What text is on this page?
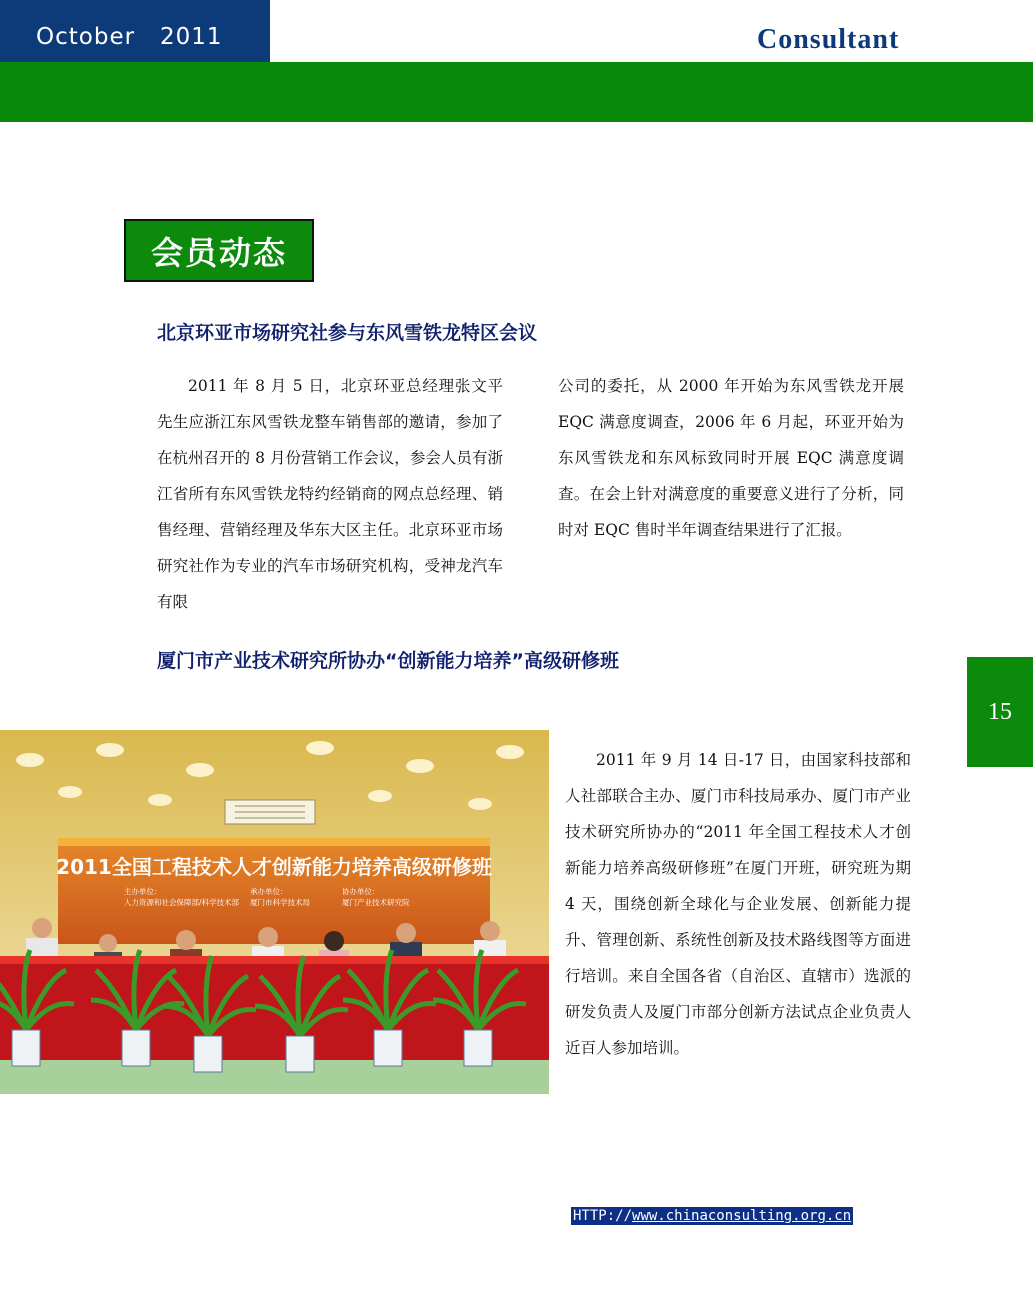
October   2011	Consultant
会员动态
北京环亚市场研究社参与东风雪铁龙特区会议

2011 年 8 月 5 日，北京环亚总经理张文平先生应浙江东风雪铁龙整车销售部的邀请，参加了在杭州召开的 8 月份营销工作会议，参会人员有浙江省所有东风雪铁龙特约经销商的网点总经理、销售经理、营销经理及华东大区主任。北京环亚市场研究社作为专业的汽车市场研究机构，受神龙汽车有限

公司的委托，从 2000 年开始为东风雪铁龙开展 EQC 满意度调查，2006 年 6 月起，环亚开始为东风雪铁龙和东风标致同时开展 EQC 满意度调查。在会上针对满意度的重要意义进行了分析，同时对 EQC 售时半年调查结果进行了汇报。

厦门市产业技术研究所协办“创新能力培养”高级研修班
2011全国工程技术人才创新能力培养高级研修班
主办单位：
人力资源和社会保障部/科学技术部
承办单位：
厦门市科学技术局
协办单位：
厦门产业技术研究院

2011 年 9 月 14 日-17 日，由国家科技部和人社部联合主办、厦门市科技局承办、厦门市产业技术研究所协办的“2011 年全国工程技术人才创新能力培养高级研修班”在厦门开班，研究班为期 4 天，围绕创新全球化与企业发展、创新能力提升、管理创新、系统性创新及技术路线图等方面进行培训。来自全国各省（自治区、直辖市）选派的研发负责人及厦门市部分创新方法试点企业负责人近百人参加培训。

15
HTTP://www.chinaconsulting.org.cn
